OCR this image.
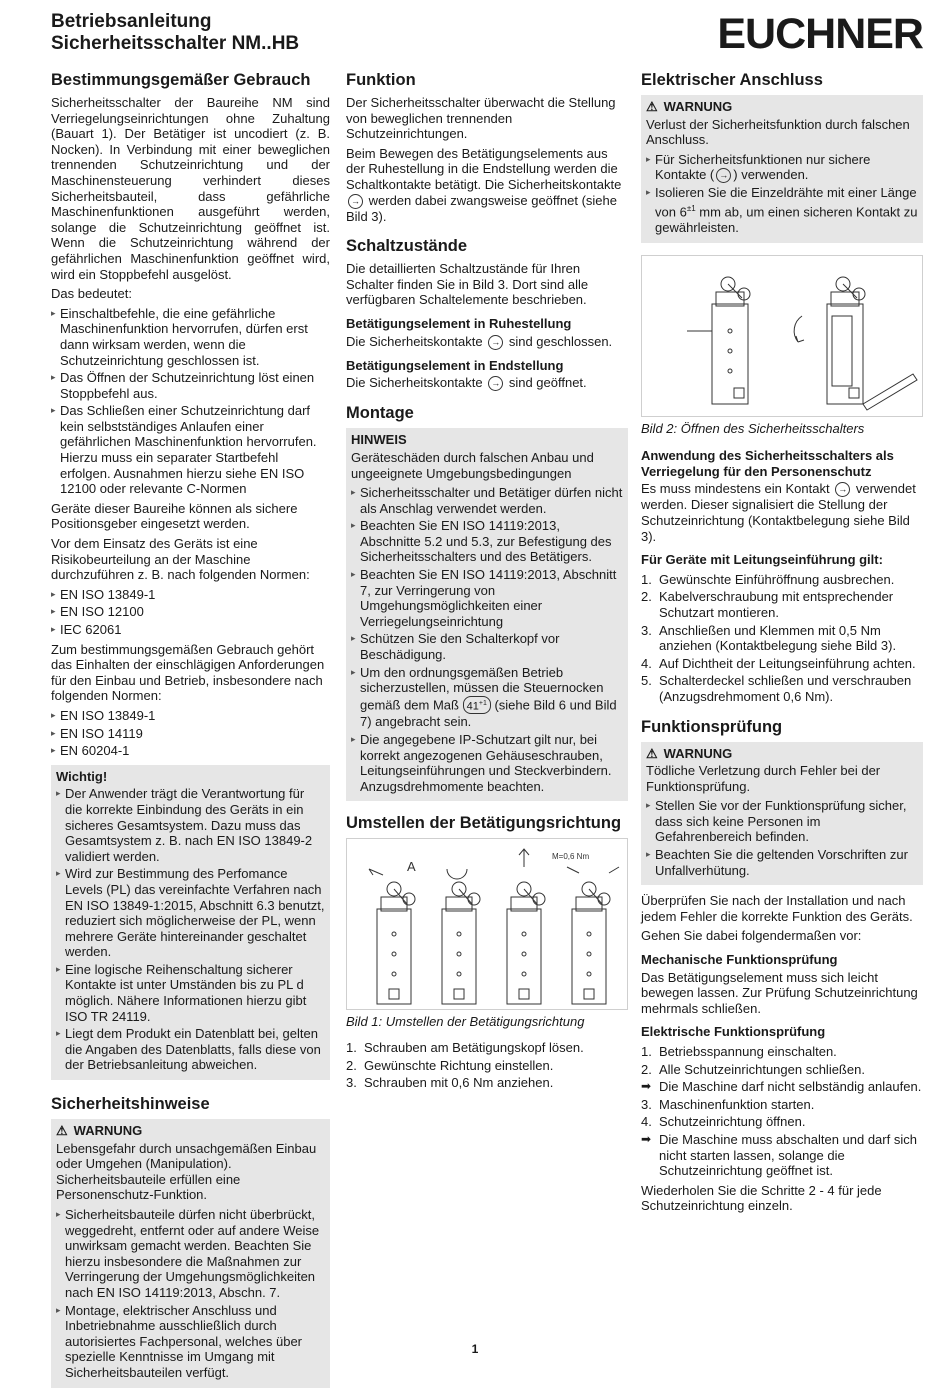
Betriebsanleitung
Sicherheitsschalter NM..HB	EUCHNER
Bestimmungsgemäßer Gebrauch

Sicherheitsschalter der Baureihe NM sind Verriegelungseinrichtungen ohne Zuhaltung (Bauart 1). Der Betätiger ist uncodiert (z. B. Nocken). In Verbindung mit einer beweglichen trennenden Schutzeinrichtung und der Maschinensteuerung verhindert dieses Sicherheitsbauteil, dass gefährliche Maschinenfunktionen ausgeführt werden, solange die Schutzeinrichtung geöffnet ist. Wenn die Schutzeinrichtung während der gefährlichen Maschinenfunktion geöffnet wird, wird ein Stoppbefehl ausgelöst.

Das bedeutet:

▸ Einschaltbefehle, die eine gefährliche Maschinenfunktion hervorrufen, dürfen erst dann wirksam werden, wenn die Schutzeinrichtung geschlossen ist.
▸ Das Öffnen der Schutzeinrichtung löst einen Stoppbefehl aus.
▸ Das Schließen einer Schutzeinrichtung darf kein selbstständiges Anlaufen einer gefährlichen Maschinenfunktion hervorrufen. Hierzu muss ein separater Startbefehl erfolgen. Ausnahmen hierzu siehe EN ISO 12100 oder relevante C-Normen

Geräte dieser Baureihe können als sichere Positionsgeber eingesetzt werden.

Vor dem Einsatz des Geräts ist eine Risikobeurteilung an der Maschine durchzuführen z. B. nach folgenden Normen:

▸ EN ISO 13849-1
▸ EN ISO 12100
▸ IEC 62061

Zum bestimmungsgemäßen Gebrauch gehört das Einhalten der einschlägigen Anforderungen für den Einbau und Betrieb, insbesondere nach folgenden Normen:

▸ EN ISO 13849-1
▸ EN ISO 14119
▸ EN 60204-1
Wichtig!
▸ Der Anwender trägt die Verantwortung für die korrekte Einbindung des Geräts in ein sicheres Gesamtsystem. Dazu muss das Gesamtsystem z. B. nach EN ISO 13849-2 validiert werden.
▸ Wird zur Bestimmung des Perfomance Levels (PL) das vereinfachte Verfahren nach EN ISO 13849-1:2015, Abschnitt 6.3 benutzt, reduziert sich möglicherweise der PL, wenn mehrere Geräte hintereinander geschaltet werden.
▸ Eine logische Reihenschaltung sicherer Kontakte ist unter Umständen bis zu PL d möglich. Nähere Informationen hierzu gibt ISO TR 24119.
▸ Liegt dem Produkt ein Datenblatt bei, gelten die Angaben des Datenblatts, falls diese von der Betriebsanleitung abweichen.
Sicherheitshinweise
⚠ WARNUNG

Lebensgefahr durch unsachgemäßen Einbau oder Umgehen (Manipulation). Sicherheitsbauteile erfüllen eine Personenschutz-Funktion.

▸ Sicherheitsbauteile dürfen nicht überbrückt, weggedreht, entfernt oder auf andere Weise unwirksam gemacht werden. Beachten Sie hierzu insbesondere die Maßnahmen zur Verringerung der Umgehungsmöglichkeiten nach EN ISO 14119:2013, Abschn. 7.
▸ Montage, elektrischer Anschluss und Inbetriebnahme ausschließlich durch autorisiertes Fachpersonal, welches über spezielle Kenntnisse im Umgang mit Sicherheitsbauteilen verfügt.
Funktion

Der Sicherheitsschalter überwacht die Stellung von beweglichen trennenden Schutzeinrichtungen.

Beim Bewegen des Betätigungselements aus der Ruhestellung in die Endstellung werden die Schaltkontakte betätigt. Die Sicherheitskontakte → werden dabei zwangsweise geöffnet (siehe Bild 3).

Schaltzustände

Die detaillierten Schaltzustände für Ihren Schalter finden Sie in Bild 3. Dort sind alle verfügbaren Schaltelemente beschrieben.

Betätigungselement in Ruhestellung

Die Sicherheitskontakte → sind geschlossen.

Betätigungselement in Endstellung

Die Sicherheitskontakte → sind geöffnet.

Montage
HINWEIS

Geräteschäden durch falschen Anbau und ungeeignete Umgebungsbedingungen

▸ Sicherheitsschalter und Betätiger dürfen nicht als Anschlag verwendet werden.
▸ Beachten Sie EN ISO 14119:2013, Abschnitte 5.2 und 5.3, zur Befestigung des Sicherheitsschalters und des Betätigers.
▸ Beachten Sie EN ISO 14119:2013, Abschnitt 7, zur Verringerung von Umgehungsmöglichkeiten einer Verriegelungseinrichtung
▸ Schützen Sie den Schalterkopf vor Beschädigung.
▸ Um den ordnungsgemäßen Betrieb sicherzustellen, müssen die Steuernocken gemäß dem Maß $41^{+1}$ (siehe Bild 6 und Bild 7) angebracht sein.
▸ Die angegebene IP-Schutzart gilt nur, bei korrekt angezogenen Gehäuseschrauben, Leitungseinführungen und Steckverbindern. Anzugsdrehmomente beachten.
Umstellen der Betätigungsrichtung
A
M=0,6 Nm
Bild 1: Umstellen der Betätigungsrichtung
1. Schrauben am Betätigungskopf lösen.
2. Gewünschte Richtung einstellen.
3. Schrauben mit 0,6 Nm anziehen.
Elektrischer Anschluss
⚠ WARNUNG

Verlust der Sicherheitsfunktion durch falschen Anschluss.

▸ Für Sicherheitsfunktionen nur sichere Kontakte ( → ) verwenden.
▸ Isolieren Sie die Einzeldrähte mit einer Länge von $6^{\pm 1}$ mm ab, um einen sicheren Kontakt zu gewährleisten.
Bild 2: Öffnen des Sicherheitsschalters
Anwendung des Sicherheitsschalters als Verriegelung für den Personenschutz

Es muss mindestens ein Kontakt → verwendet werden. Dieser signalisiert die Stellung der Schutzeinrichtung (Kontaktbelegung siehe Bild 3).

Für Geräte mit Leitungseinführung gilt:
1. Gewünschte Einführöffnung ausbrechen.
2. Kabelverschraubung mit entsprechender Schutzart montieren.
3. Anschließen und Klemmen mit 0,5 Nm anziehen (Kontaktbelegung siehe Bild 3).
4. Auf Dichtheit der Leitungseinführung achten.
5. Schalterdeckel schließen und verschrauben (Anzugsdrehmoment 0,6 Nm).
Funktionsprüfung
⚠ WARNUNG

Tödliche Verletzung durch Fehler bei der Funktionsprüfung.

▸ Stellen Sie vor der Funktionsprüfung sicher, dass sich keine Personen im Gefahrenbereich befinden.
▸ Beachten Sie die geltenden Vorschriften zur Unfallverhütung.

Überprüfen Sie nach der Installation und nach jedem Fehler die korrekte Funktion des Geräts.

Gehen Sie dabei folgendermaßen vor:

Mechanische Funktionsprüfung

Das Betätigungselement muss sich leicht bewegen lassen. Zur Prüfung Schutzeinrichtung mehrmals schließen.

Elektrische Funktionsprüfung
1. Betriebsspannung einschalten.
2. Alle Schutzeinrichtungen schließen.
➡ Die Maschine darf nicht selbständig anlaufen.
3. Maschinenfunktion starten.
4. Schutzeinrichtung öffnen.
➡ Die Maschine muss abschalten und darf sich nicht starten lassen, solange die Schutzeinrichtung geöffnet ist.

Wiederholen Sie die Schritte 2 - 4 für jede Schutzeinrichtung einzeln.

1
